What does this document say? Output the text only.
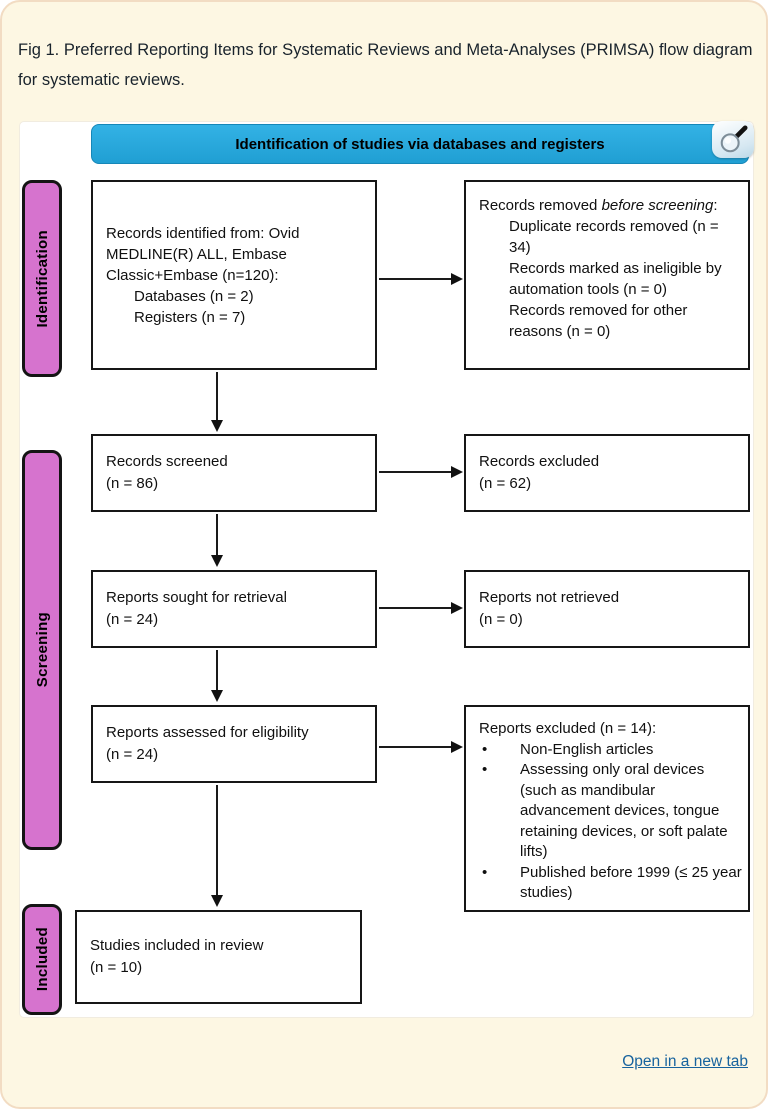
Fig 1. Preferred Reporting Items for Systematic Reviews and Meta-Analyses (PRIMSA) flow diagram for systematic reviews.
Identification of studies via databases and registers
Identification
Screening
Included
Records identified from: Ovid
MEDLINE(R) ALL, Embase
Classic+Embase (n=120):
Databases (n = 2)
Registers (n = 7)
Records removed before screening:
Duplicate records removed (n = 34)
Records marked as ineligible by automation tools (n = 0)
Records removed for other reasons (n = 0)
Records screened
(n = 86)
Records excluded
(n = 62)
Reports sought for retrieval
(n = 24)
Reports not retrieved
(n = 0)
Reports assessed for eligibility
(n = 24)
Reports excluded (n = 14):
•	Non-English articles
•	Assessing only oral devices (such as mandibular advancement devices, tongue retaining devices, or soft palate lifts)
•	Published before 1999 (≤ 25 year studies)
Studies included in review
(n = 10)
Open in a new tab
